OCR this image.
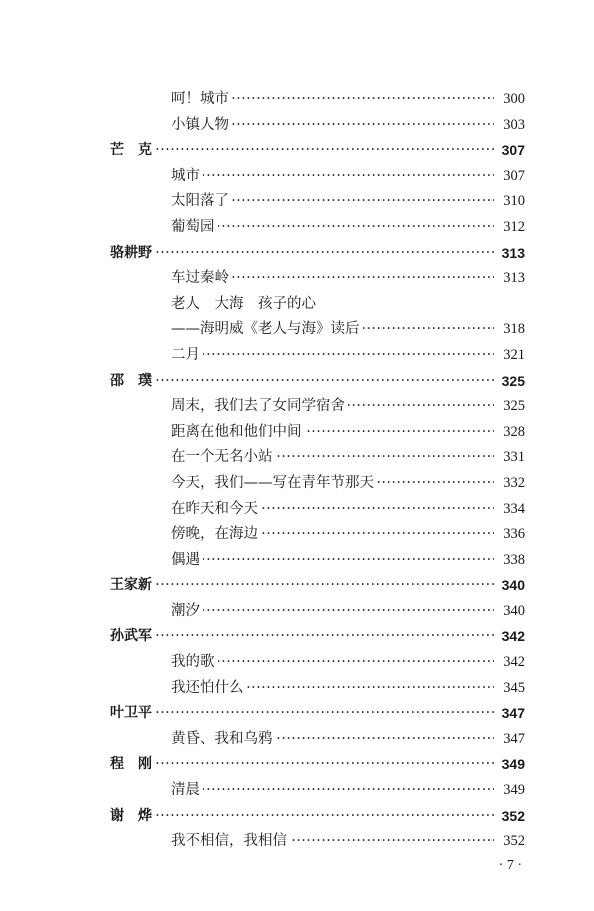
·····
呵！城市	300
·····
小镇人物	303
·····
芒　克	307
·····
城市	307
·····
太阳落了	310
·····
葡萄园	312
·····
骆耕野	313
·····
车过秦岭	313
老人　大海　孩子的心
·····
——海明威《老人与海》读后	318
·····
二月	321
·····
邵　璞	325
·····
周末，我们去了女同学宿舍	325
·····
距离在他和他们中间	328
·····
在一个无名小站	331
·····
今天，我们——写在青年节那天	332
·····
在昨天和今天	334
·····
傍晚，在海边	336
·····
偶遇	338
·····
王家新	340
·····
潮汐	340
·····
孙武军	342
·····
我的歌	342
·····
我还怕什么	345
·····
叶卫平	347
·····
黄昏、我和乌鸦	347
·····
程　刚	349
·····
清晨	349
·····
谢　烨	352
·····
我不相信，我相信	352
· 7 ·
